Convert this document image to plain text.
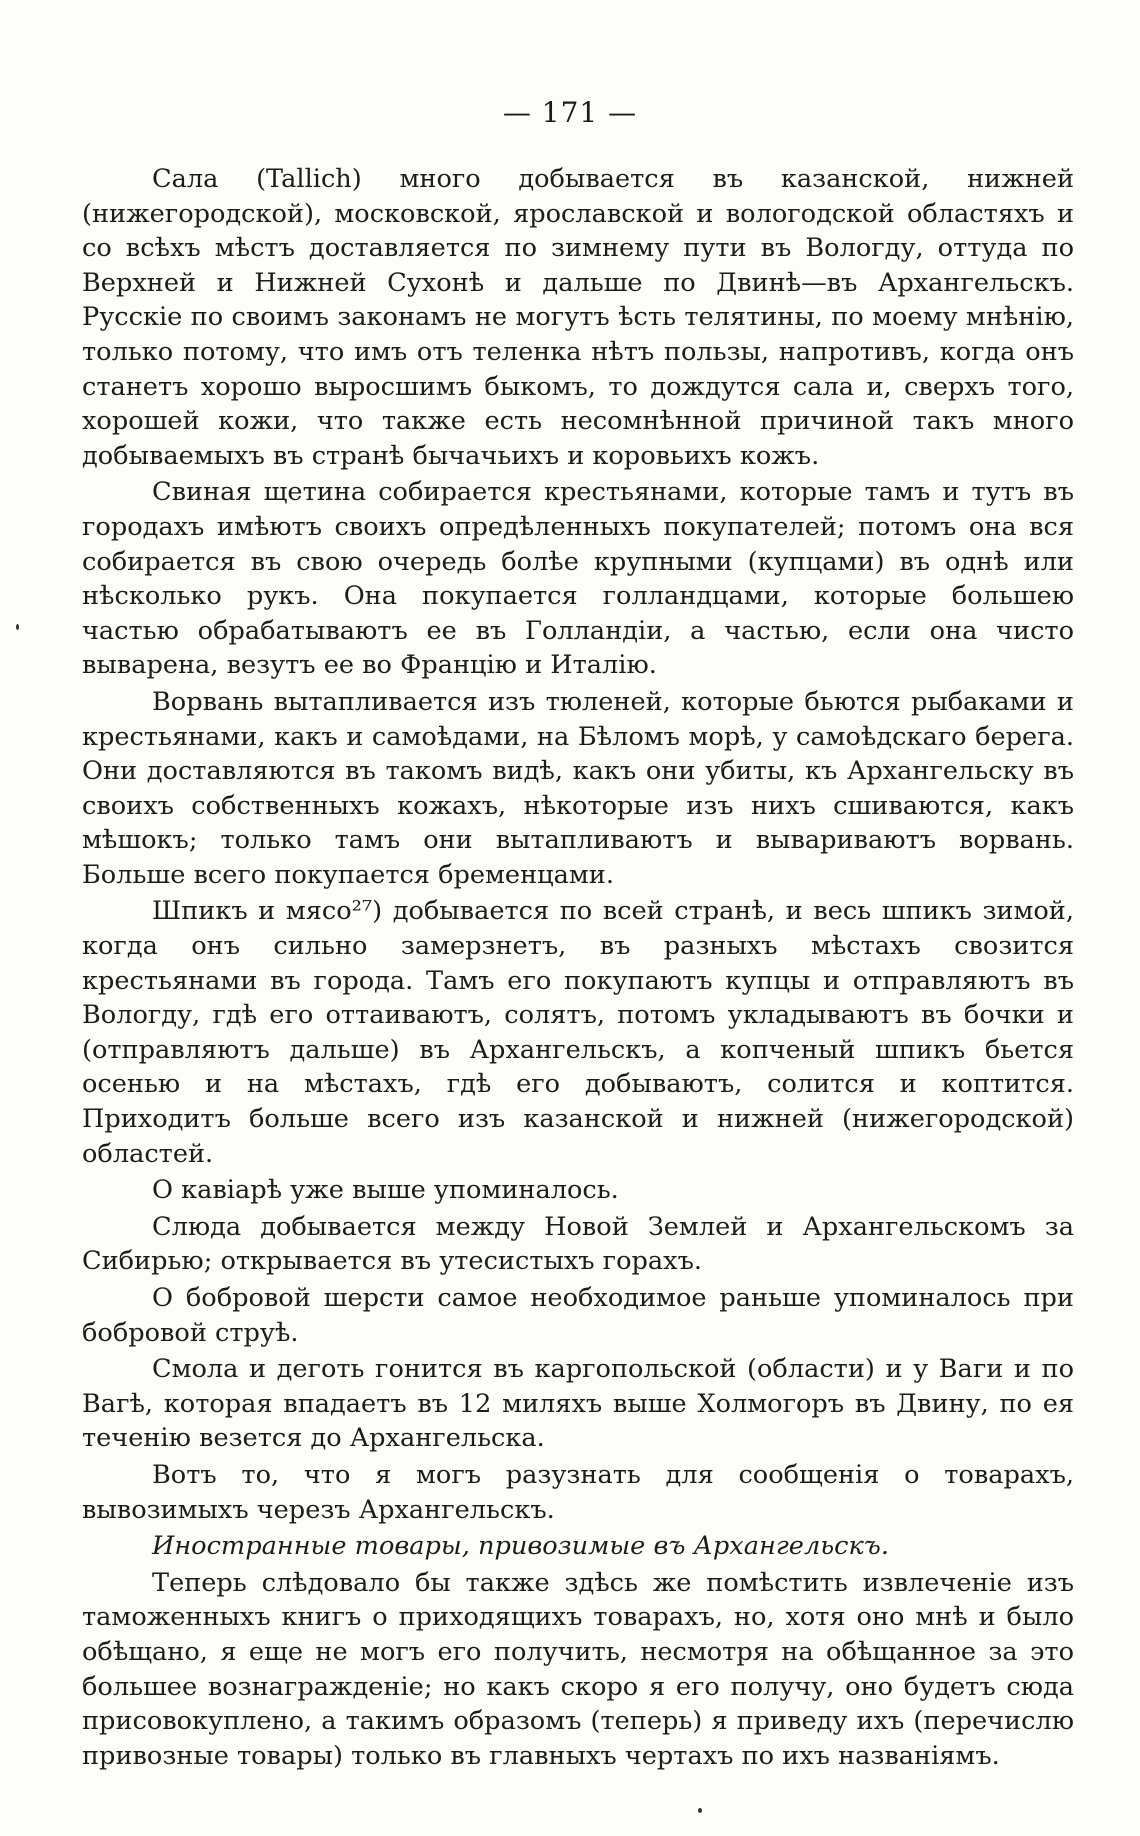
— 171 —

Сала (Tallich) много добывается въ казанской, нижней (нижегородской), московской, ярославской и вологодской областяхъ и со всѣхъ мѣстъ доставляется по зимнему пути въ Вологду, оттуда по Верхней и Нижней Сухонѣ и дальше по Двинѣ—въ Архангельскъ. Русскіе по своимъ законамъ не могутъ ѣсть телятины, по моему мнѣнію, только потому, что имъ отъ теленка нѣтъ пользы, напротивъ, когда онъ станетъ хорошо выросшимъ быкомъ, то дождутся сала и, сверхъ того, хорошей кожи, что также есть несомнѣнной причиной такъ много добываемыхъ въ странѣ бычачьихъ и коровьихъ кожъ.

Свиная щетина собирается крестьянами, которые тамъ и тутъ въ городахъ имѣютъ своихъ опредѣленныхъ покупателей; потомъ она вся собирается въ свою очередь болѣе крупными (купцами) въ однѣ или нѣсколько рукъ. Она покупается голландцами, которые большею частью обрабатываютъ ее въ Голландіи, а частью, если она чисто выварена, везутъ ее во Францію и Италію.

Ворвань вытапливается изъ тюленей, которые бьются рыбаками и крестьянами, какъ и самоѣдами, на Бѣломъ морѣ, у самоѣдскаго берега. Они доставляются въ такомъ видѣ, какъ они убиты, къ Архангельску въ своихъ собственныхъ кожахъ, нѣкоторые изъ нихъ сшиваются, какъ мѣшокъ; только тамъ они вытапливаютъ и вывариваютъ ворвань. Больше всего покупается бременцами.

Шпикъ и мясо²⁷) добывается по всей странѣ, и весь шпикъ зимой, когда онъ сильно замерзнетъ, въ разныхъ мѣстахъ свозится крестьянами въ города. Тамъ его покупаютъ купцы и отправляютъ въ Вологду, гдѣ его оттаиваютъ, солятъ, потомъ укладываютъ въ бочки и (отправляютъ дальше) въ Архангельскъ, а копченый шпикъ бьется осенью и на мѣстахъ, гдѣ его добываютъ, солится и коптится. Приходитъ больше всего изъ казанской и нижней (нижегородской) областей.

О кавіарѣ уже выше упоминалось.

Слюда добывается между Новой Землей и Архангельскомъ за Сибирью; открывается въ утесистыхъ горахъ.

О бобровой шерсти самое необходимое раньше упоминалось при бобровой струѣ.

Смола и деготь гонится въ каргопольской (области) и у Ваги и по Вагѣ, которая впадаетъ въ 12 миляхъ выше Холмогоръ въ Двину, по ея теченію везется до Архангельска.

Вотъ то, что я могъ разузнать для сообщенія о товарахъ, вывозимыхъ черезъ Архангельскъ.

Иностранные товары, привозимые въ Архангельскъ.

Теперь слѣдовало бы также здѣсь же помѣстить извлеченіе изъ таможенныхъ книгъ о приходящихъ товарахъ, но, хотя оно мнѣ и было обѣщано, я еще не могъ его получить, несмотря на обѣщанное за это большее вознагражденіе; но какъ скоро я его получу, оно будетъ сюда присовокуплено, а такимъ образомъ (теперь) я приведу ихъ (перечислю привозные товары) только въ главныхъ чертахъ по ихъ названіямъ.
